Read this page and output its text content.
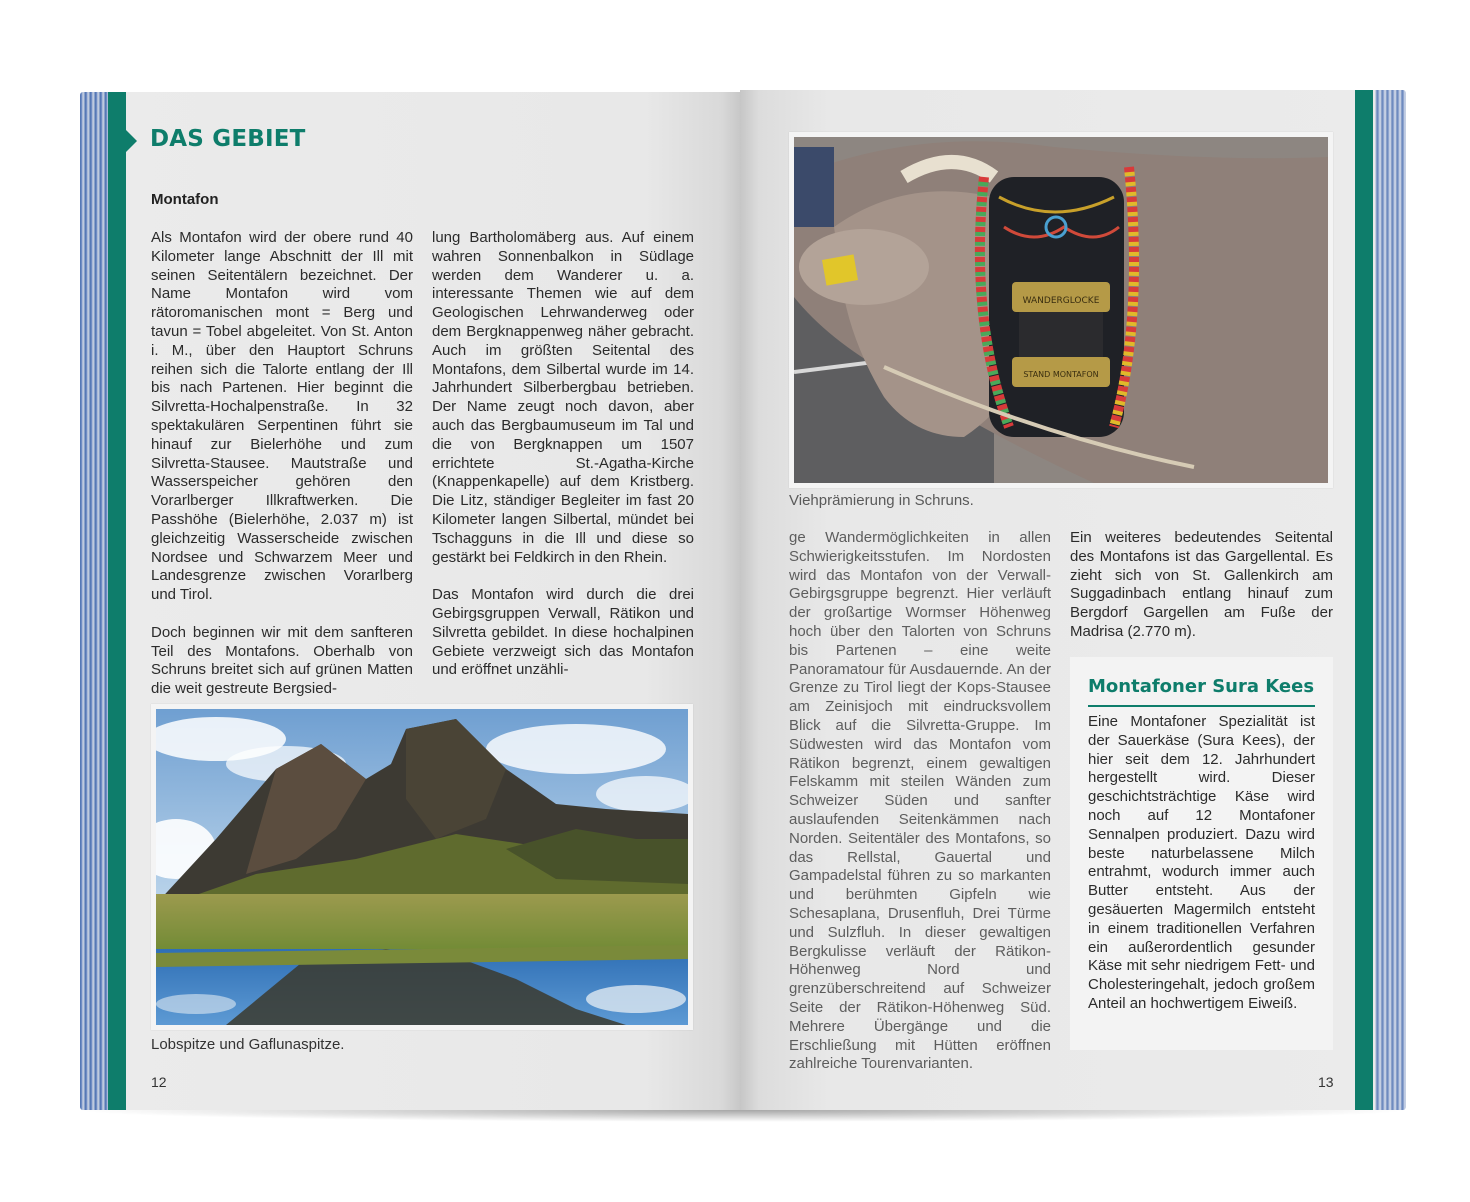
DAS GEBIET
Montafon

Als Montafon wird der obere rund 40 Kilometer lange Abschnitt der Ill mit seinen Seitentälern bezeichnet. Der Name Montafon wird vom rätoromanischen mont = Berg und tavun = Tobel abgeleitet. Von St. Anton i. M., über den Hauptort Schruns reihen sich die Talorte entlang der Ill bis nach Partenen. Hier beginnt die Silvretta-Hochalpenstraße. In 32 spektakulären Serpentinen führt sie hinauf zur Bielerhöhe und zum Silvretta-Stausee. Mautstraße und Wasserspeicher gehören den Vorarlberger Illkraftwerken. Die Passhöhe (Bielerhöhe, 2.037 m) ist gleichzeitig Wasserscheide zwischen Nordsee und Schwarzem Meer und Landesgrenze zwischen Vorarlberg und Tirol.

Doch beginnen wir mit dem sanfteren Teil des Montafons. Oberhalb von Schruns breitet sich auf grünen Matten die weit gestreute Bergsied-

lung Bartholomäberg aus. Auf einem wahren Sonnenbalkon in Südlage werden dem Wanderer u. a. interessante Themen wie auf dem Geologischen Lehrwanderweg oder dem Bergknappenweg näher gebracht. Auch im größten Seitental des Montafons, dem Silbertal wurde im 14. Jahrhundert Silberbergbau betrieben. Der Name zeugt noch davon, aber auch das Bergbaumuseum im Tal und die von Bergknappen um 1507 errichtete St.-Agatha-Kirche (Knappenkapelle) auf dem Kristberg. Die Litz, ständiger Begleiter im fast 20 Kilometer langen Silbertal, mündet bei Tschagguns in die Ill und diese so gestärkt bei Feldkirch in den Rhein.

Das Montafon wird durch die drei Gebirgsgruppen Verwall, Rätikon und Silvretta gebildet. In diese hochalpinen Gebiete verzweigt sich das Montafon und eröffnet unzähli-

Lobspitze und Gaflunaspitze.
12
WANDERGLOCKE
STAND MONTAFON
Viehprämierung in Schruns.

ge Wandermöglichkeiten in allen Schwierigkeitsstufen. Im Nordosten wird das Montafon von der Verwall-Gebirgsgruppe begrenzt. Hier verläuft der großartige Wormser Höhenweg hoch über den Talorten von Schruns bis Partenen – eine weite Panoramatour für Ausdauernde. An der Grenze zu Tirol liegt der Kops-Stausee am Zeinisjoch mit eindrucksvollem Blick auf die Silvretta-Gruppe. Im Südwesten wird das Montafon vom Rätikon begrenzt, einem gewaltigen Felskamm mit steilen Wänden zum Schweizer Süden und sanfter auslaufenden Seitenkämmen nach Norden. Seitentäler des Montafons, so das Rellstal, Gauertal und Gampadelstal führen zu so markanten und berühmten Gipfeln wie Schesaplana, Drusenfluh, Drei Türme und Sulzfluh. In dieser gewaltigen Bergkulisse verläuft der Rätikon-Höhenweg Nord und grenzüberschreitend auf Schweizer Seite der Rätikon-Höhenweg Süd. Mehrere Übergänge und die Erschließung mit Hütten eröffnen zahlreiche Tourenvarianten.

Ein weiteres bedeutendes Seitental des Montafons ist das Gargellental. Es zieht sich von St. Gallenkirch am Suggadinbach entlang hinauf zum Bergdorf Gargellen am Fuße der Madrisa (2.770 m).

Montafoner Sura Kees
Eine Montafoner Spezialität ist der Sauerkäse (Sura Kees), der hier seit dem 12. Jahrhundert hergestellt wird. Dieser geschichtsträchtige Käse wird noch auf 12 Montafoner Sennalpen produziert. Dazu wird beste naturbelassene Milch entrahmt, wodurch immer auch Butter entsteht. Aus der gesäuerten Magermilch entsteht in einem traditionellen Verfahren ein außerordentlich gesunder Käse mit sehr niedrigem Fett- und Cholesteringehalt, jedoch großem Anteil an hochwertigem Eiweiß.
13
